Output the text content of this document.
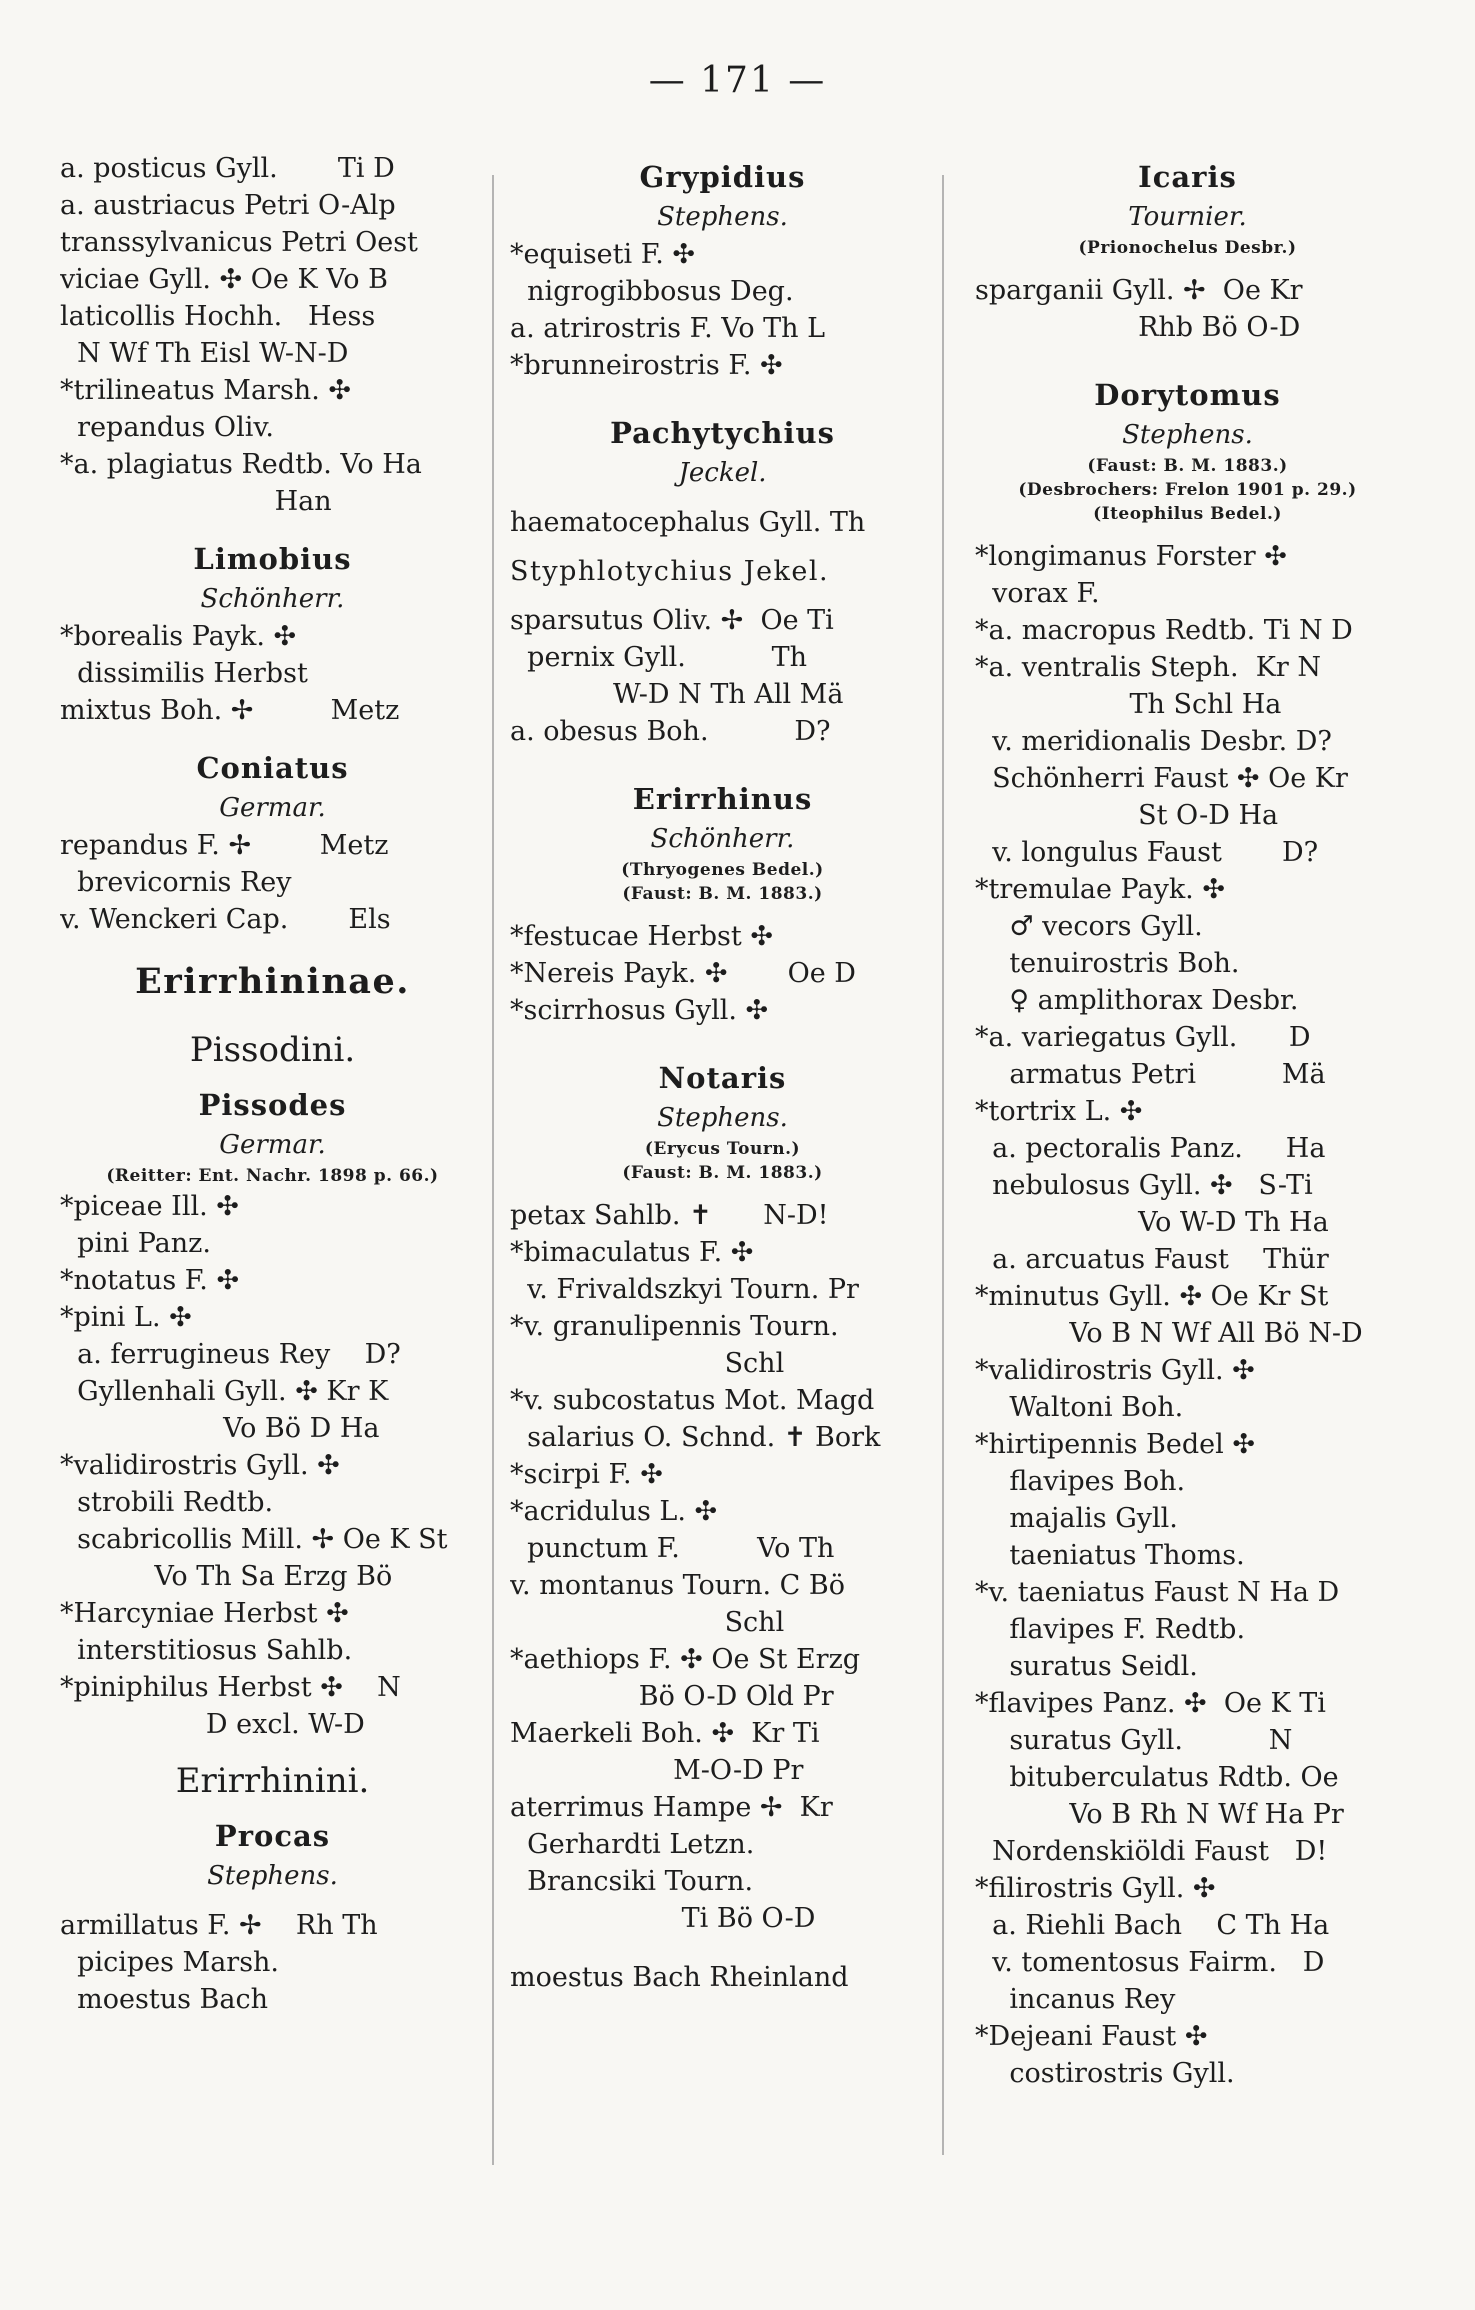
— 171 —
a. posticus Gyll.       Ti D
a. austriacus Petri O-Alp
transsylvanicus Petri Oest
viciae Gyll. ✣ Oe K Vo B
laticollis Hochh.   Hess
N Wf Th Eisl W-N-D
*trilineatus Marsh. ✣
repandus Oliv.
*a. plagiatus Redtb. Vo Ha
Han
Limobius
Schönherr.
*borealis Payk. ✣
dissimilis Herbst
mixtus Boh. ✢         Metz
Coniatus
Germar.
repandus F. ✢        Metz
brevicornis Rey
v. Wenckeri Cap.       Els
Erirrhininae.
Pissodini.
Pissodes
Germar.
(Reitter: Ent. Nachr. 1898 p. 66.)
*piceae Ill. ✣
pini Panz.
*notatus F. ✣
*pini L. ✣
a. ferrugineus Rey    D?
Gyllenhali Gyll. ✣ Kr K
Vo Bö D Ha
*validirostris Gyll. ✣
strobili Redtb.
scabricollis Mill. ✢ Oe K St
Vo Th Sa Erzg Bö
*Harcyniae Herbst ✣
interstitiosus Sahlb.
*piniphilus Herbst ✣    N
D excl. W-D
Erirrhinini.
Procas
Stephens.
armillatus F. ✢    Rh Th
picipes Marsh.
moestus Bach
Grypidius
Stephens.
*equiseti F. ✣
nigrogibbosus Deg.
a. atrirostris F. Vo Th L
*brunneirostris F. ✣
Pachytychius
Jeckel.
haematocephalus Gyll. Th
Styphlotychius Jekel.
sparsutus Oliv. ✢  Oe Ti
pernix Gyll.          Th
W-D N Th All Mä
a. obesus Boh.          D?
Erirrhinus
Schönherr.
(Thryogenes Bedel.)
(Faust: B. M. 1883.)
*festucae Herbst ✣
*Nereis Payk. ✣       Oe D
*scirrhosus Gyll. ✣
Notaris
Stephens.
(Erycus Tourn.)
(Faust: B. M. 1883.)
petax Sahlb. ✝      N-D!
*bimaculatus F. ✣
v. Frivaldszkyi Tourn. Pr
*v. granulipennis Tourn.
Schl
*v. subcostatus Mot. Magd
salarius O. Schnd. ✝ Bork
*scirpi F. ✣
*acridulus L. ✣
punctum F.         Vo Th
v. montanus Tourn. C Bö
Schl
*aethiops F. ✣ Oe St Erzg
Bö O-D Old Pr
Maerkeli Boh. ✣  Kr Ti
M-O-D Pr
aterrimus Hampe ✢  Kr
Gerhardti Letzn.
Brancsiki Tourn.
Ti Bö O-D
moestus Bach Rheinland
Icaris
Tournier.
(Prionochelus Desbr.)
sparganii Gyll. ✢  Oe Kr
Rhb Bö O-D
Dorytomus
Stephens.
(Faust: B. M. 1883.)
(Desbrochers: Frelon 1901 p. 29.)
(Iteophilus Bedel.)
*longimanus Forster ✣
vorax F.
*a. macropus Redtb. Ti N D
*a. ventralis Steph.  Kr N
Th Schl Ha
v. meridionalis Desbr. D?
Schönherri Faust ✣ Oe Kr
St O-D Ha
v. longulus Faust       D?
*tremulae Payk. ✣
♂ vecors Gyll.
tenuirostris Boh.
♀ amplithorax Desbr.
*a. variegatus Gyll.      D
armatus Petri          Mä
*tortrix L. ✣
a. pectoralis Panz.     Ha
nebulosus Gyll. ✣   S-Ti
Vo W-D Th Ha
a. arcuatus Faust    Thür
*minutus Gyll. ✣ Oe Kr St
Vo B N Wf All Bö N-D
*validirostris Gyll. ✣
Waltoni Boh.
*hirtipennis Bedel ✣
flavipes Boh.
majalis Gyll.
taeniatus Thoms.
*v. taeniatus Faust N Ha D
flavipes F. Redtb.
suratus Seidl.
*flavipes Panz. ✣  Oe K Ti
suratus Gyll.          N
bituberculatus Rdtb. Oe
Vo B Rh N Wf Ha Pr
Nordenskiöldi Faust   D!
*filirostris Gyll. ✣
a. Riehli Bach    C Th Ha
v. tomentosus Fairm.   D
incanus Rey
*Dejeani Faust ✣
costirostris Gyll.
